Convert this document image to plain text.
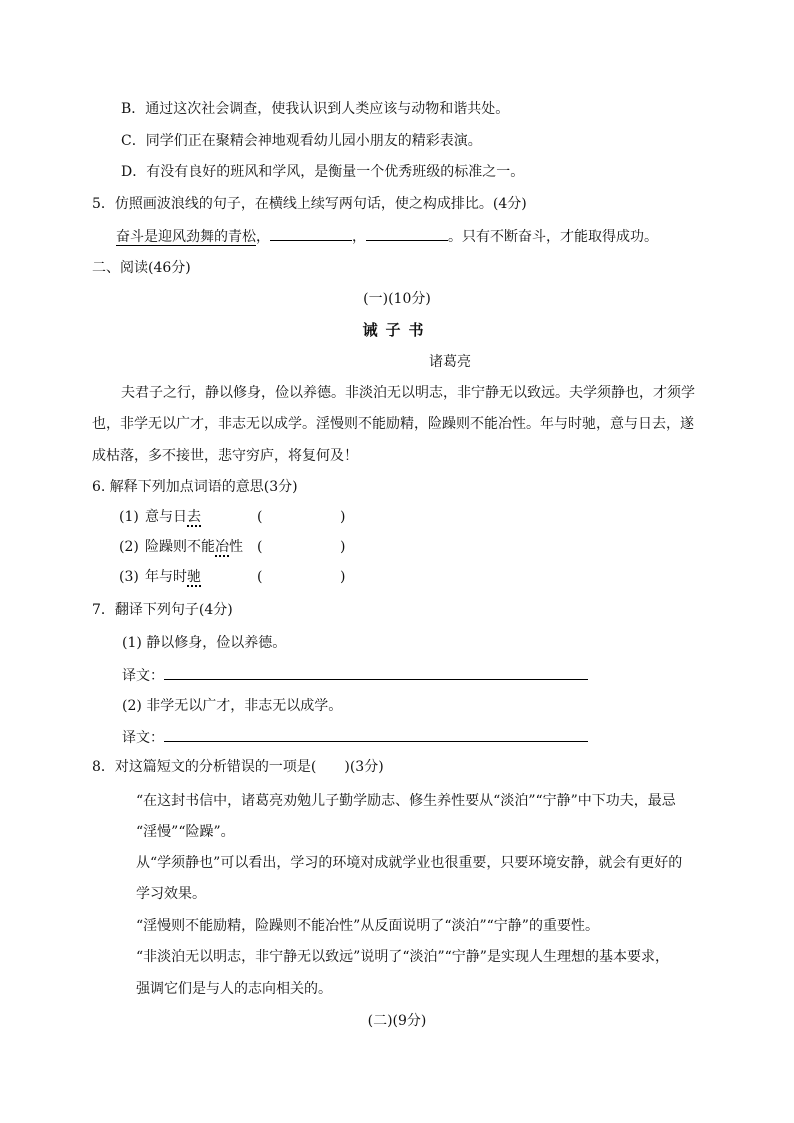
B．通过这次社会调查，使我认识到人类应该与动物和谐共处。
C．同学们正在聚精会神地观看幼儿园小朋友的精彩表演。
D．有没有良好的班风和学风，是衡量一个优秀班级的标准之一。
5．仿照画波浪线的句子，在横线上续写两句话，使之构成排比。(4分)
奋斗是迎风劲舞的青松，	，	。只有不断奋斗，才能取得成功。
二、阅读(46分)
(一)(10分)
诫子书
诸葛亮
夫君子之行，静以修身，俭以养德。非淡泊无以明志，非宁静无以致远。夫学须静也，才须学
也，非学无以广才，非志无以成学。淫慢则不能励精，险躁则不能冶性。年与时驰，意与日去，遂
成枯落，多不接世，悲守穷庐，将复何及！
6. 解释下列加点词语的意思(3分)
(1) 意与日去	(	)
(2) 险躁则不能冶性 (	)
(3) 年与时驰	(	)
7．翻译下列句子(4分)
(1) 静以修身，俭以养德。
译文：
(2) 非学无以广才，非志无以成学。
译文：
8．对这篇短文的分析错误的一项是(　　)(3分)
“在这封书信中，诸葛亮劝勉儿子勤学励志、修生养性要从“淡泊”“宁静”中下功夫，最忌
“淫慢”“险躁”。
从“学须静也”可以看出，学习的环境对成就学业也很重要，只要环境安静，就会有更好的
学习效果。
“淫慢则不能励精，险躁则不能冶性”从反面说明了“淡泊”“宁静”的重要性。
“非淡泊无以明志，非宁静无以致远”说明了“淡泊”“宁静”是实现人生理想的基本要求，
强调它们是与人的志向相关的。
(二)(9分)
